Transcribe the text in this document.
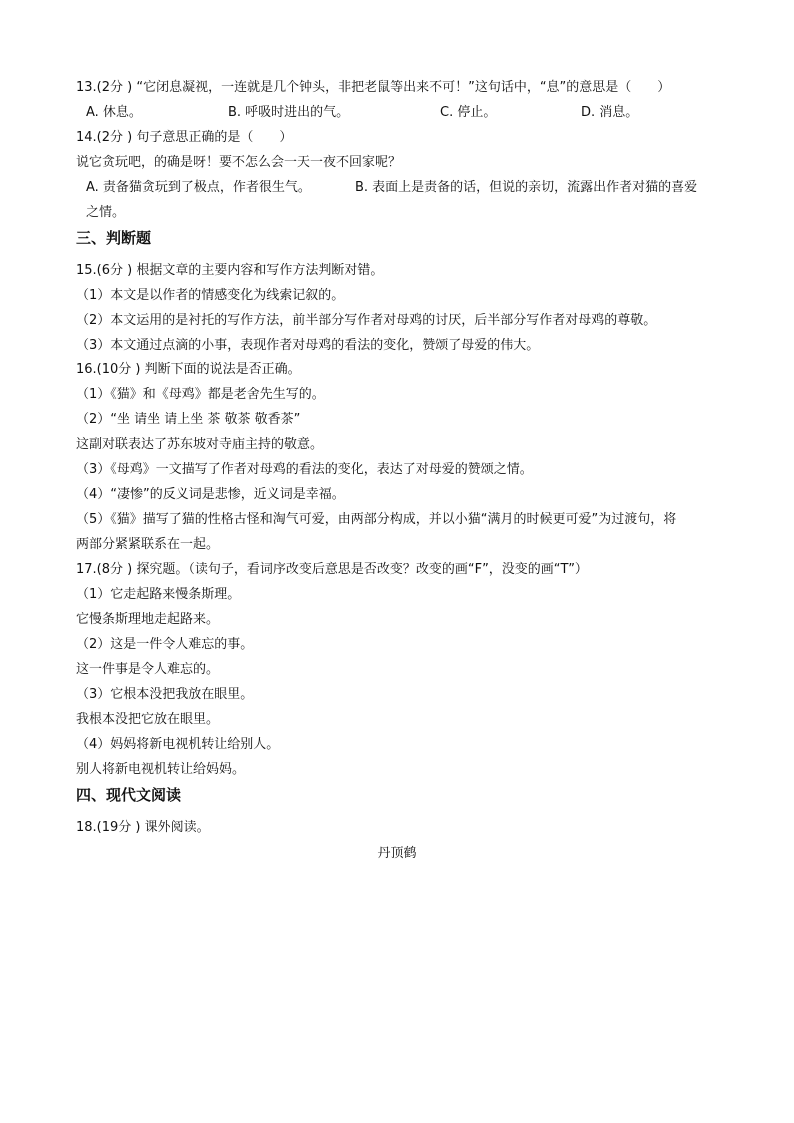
13.(2分 ) “它闭息凝视，一连就是几个钟头，非把老鼠等出来不可！”这句话中，“息”的意思是（　　）
A. 休息。	B. 呼吸时进出的气。	C. 停止。	D. 消息。
14.(2分 ) 句子意思正确的是（　　）
说它贪玩吧，的确是呀！要不怎么会一天一夜不回家呢？
A. 责备猫贪玩到了极点，作者很生气。	B. 表面上是责备的话，但说的亲切，流露出作者对猫的喜爱
之情。
三、判断题
15.(6分 ) 根据文章的主要内容和写作方法判断对错。
（1）本文是以作者的情感变化为线索记叙的。
（2）本文运用的是衬托的写作方法，前半部分写作者对母鸡的讨厌，后半部分写作者对母鸡的尊敬。
（3）本文通过点滴的小事，表现作者对母鸡的看法的变化，赞颂了母爱的伟大。
16.(10分 ) 判断下面的说法是否正确。
（1）《猫》和《母鸡》都是老舍先生写的。
（2）“坐 请坐 请上坐 茶 敬茶 敬香茶”
这副对联表达了苏东坡对寺庙主持的敬意。
（3）《母鸡》一文描写了作者对母鸡的看法的变化，表达了对母爱的赞颂之情。
（4）“凄惨”的反义词是悲惨，近义词是幸福。
（5）《猫》描写了猫的性格古怪和淘气可爱，由两部分构成，并以小猫“满月的时候更可爱”为过渡句，将
两部分紧紧联系在一起。
17.(8分 ) 探究题。（读句子，看词序改变后意思是否改变？改变的画“F”，没变的画“T”）
（1）它走起路来慢条斯理。
它慢条斯理地走起路来。
（2）这是一件令人难忘的事。
这一件事是令人难忘的。
（3）它根本没把我放在眼里。
我根本没把它放在眼里。
（4）妈妈将新电视机转让给别人。
别人将新电视机转让给妈妈。
四、现代文阅读
18.(19分 ) 课外阅读。
丹顶鹤
